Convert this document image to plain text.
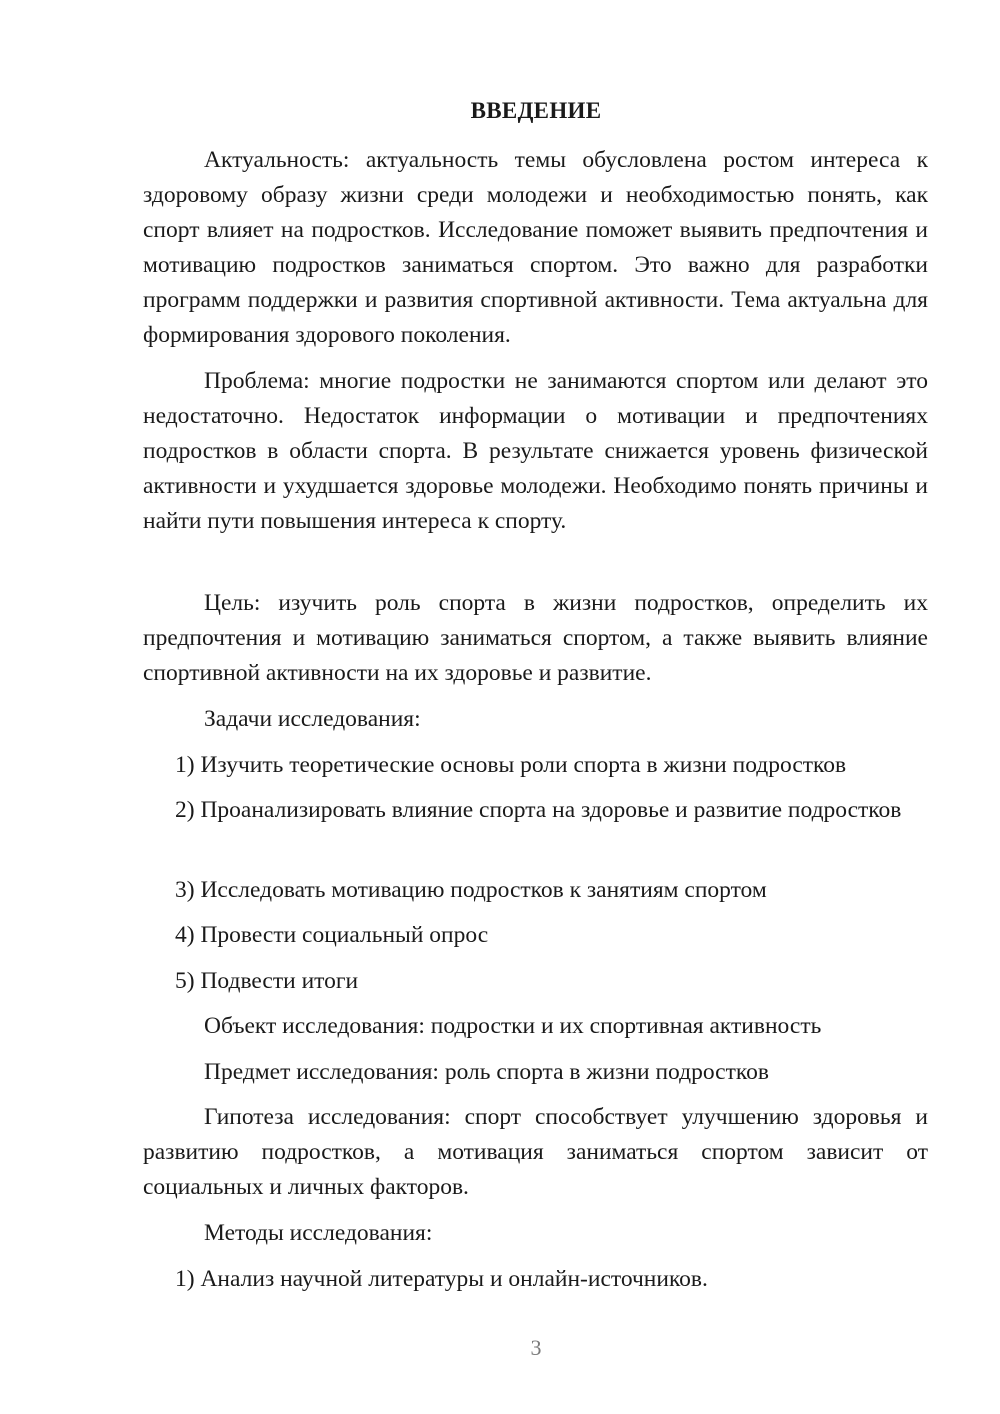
ВВЕДЕНИЕ

Актуальность: актуальность темы обусловлена ростом интереса к здоровому образу жизни среди молодежи и необходимостью понять, как спорт влияет на подростков. Исследование поможет выявить предпочтения и мотивацию подростков заниматься спортом. Это важно для разработки программ поддержки и развития спортивной активности. Тема актуальна для формирования здорового поколения.

Проблема: многие подростки не занимаются спортом или делают это недостаточно. Недостаток информации о мотивации и предпочтениях подростков в области спорта. В результате снижается уровень физической активности и ухудшается здоровье молодежи. Необходимо понять причины и найти пути повышения интереса к спорту.

Цель: изучить роль спорта в жизни подростков, определить их предпочтения и мотивацию заниматься спортом, а также выявить влияние спортивной активности на их здоровье и развитие.

Задачи исследования:

1) Изучить теоретические основы роли спорта в жизни подростков

2) Проанализировать влияние спорта на здоровье и развитие подростков

3) Исследовать мотивацию подростков к занятиям спортом

4) Провести социальный опрос

5) Подвести итоги

Объект исследования: подростки и их спортивная активность

Предмет исследования: роль спорта в жизни подростков

Гипотеза исследования: спорт способствует улучшению здоровья и развитию подростков, а мотивация заниматься спортом зависит от социальных и личных факторов.

Методы исследования:

1) Анализ научной литературы и онлайн-источников.

3
